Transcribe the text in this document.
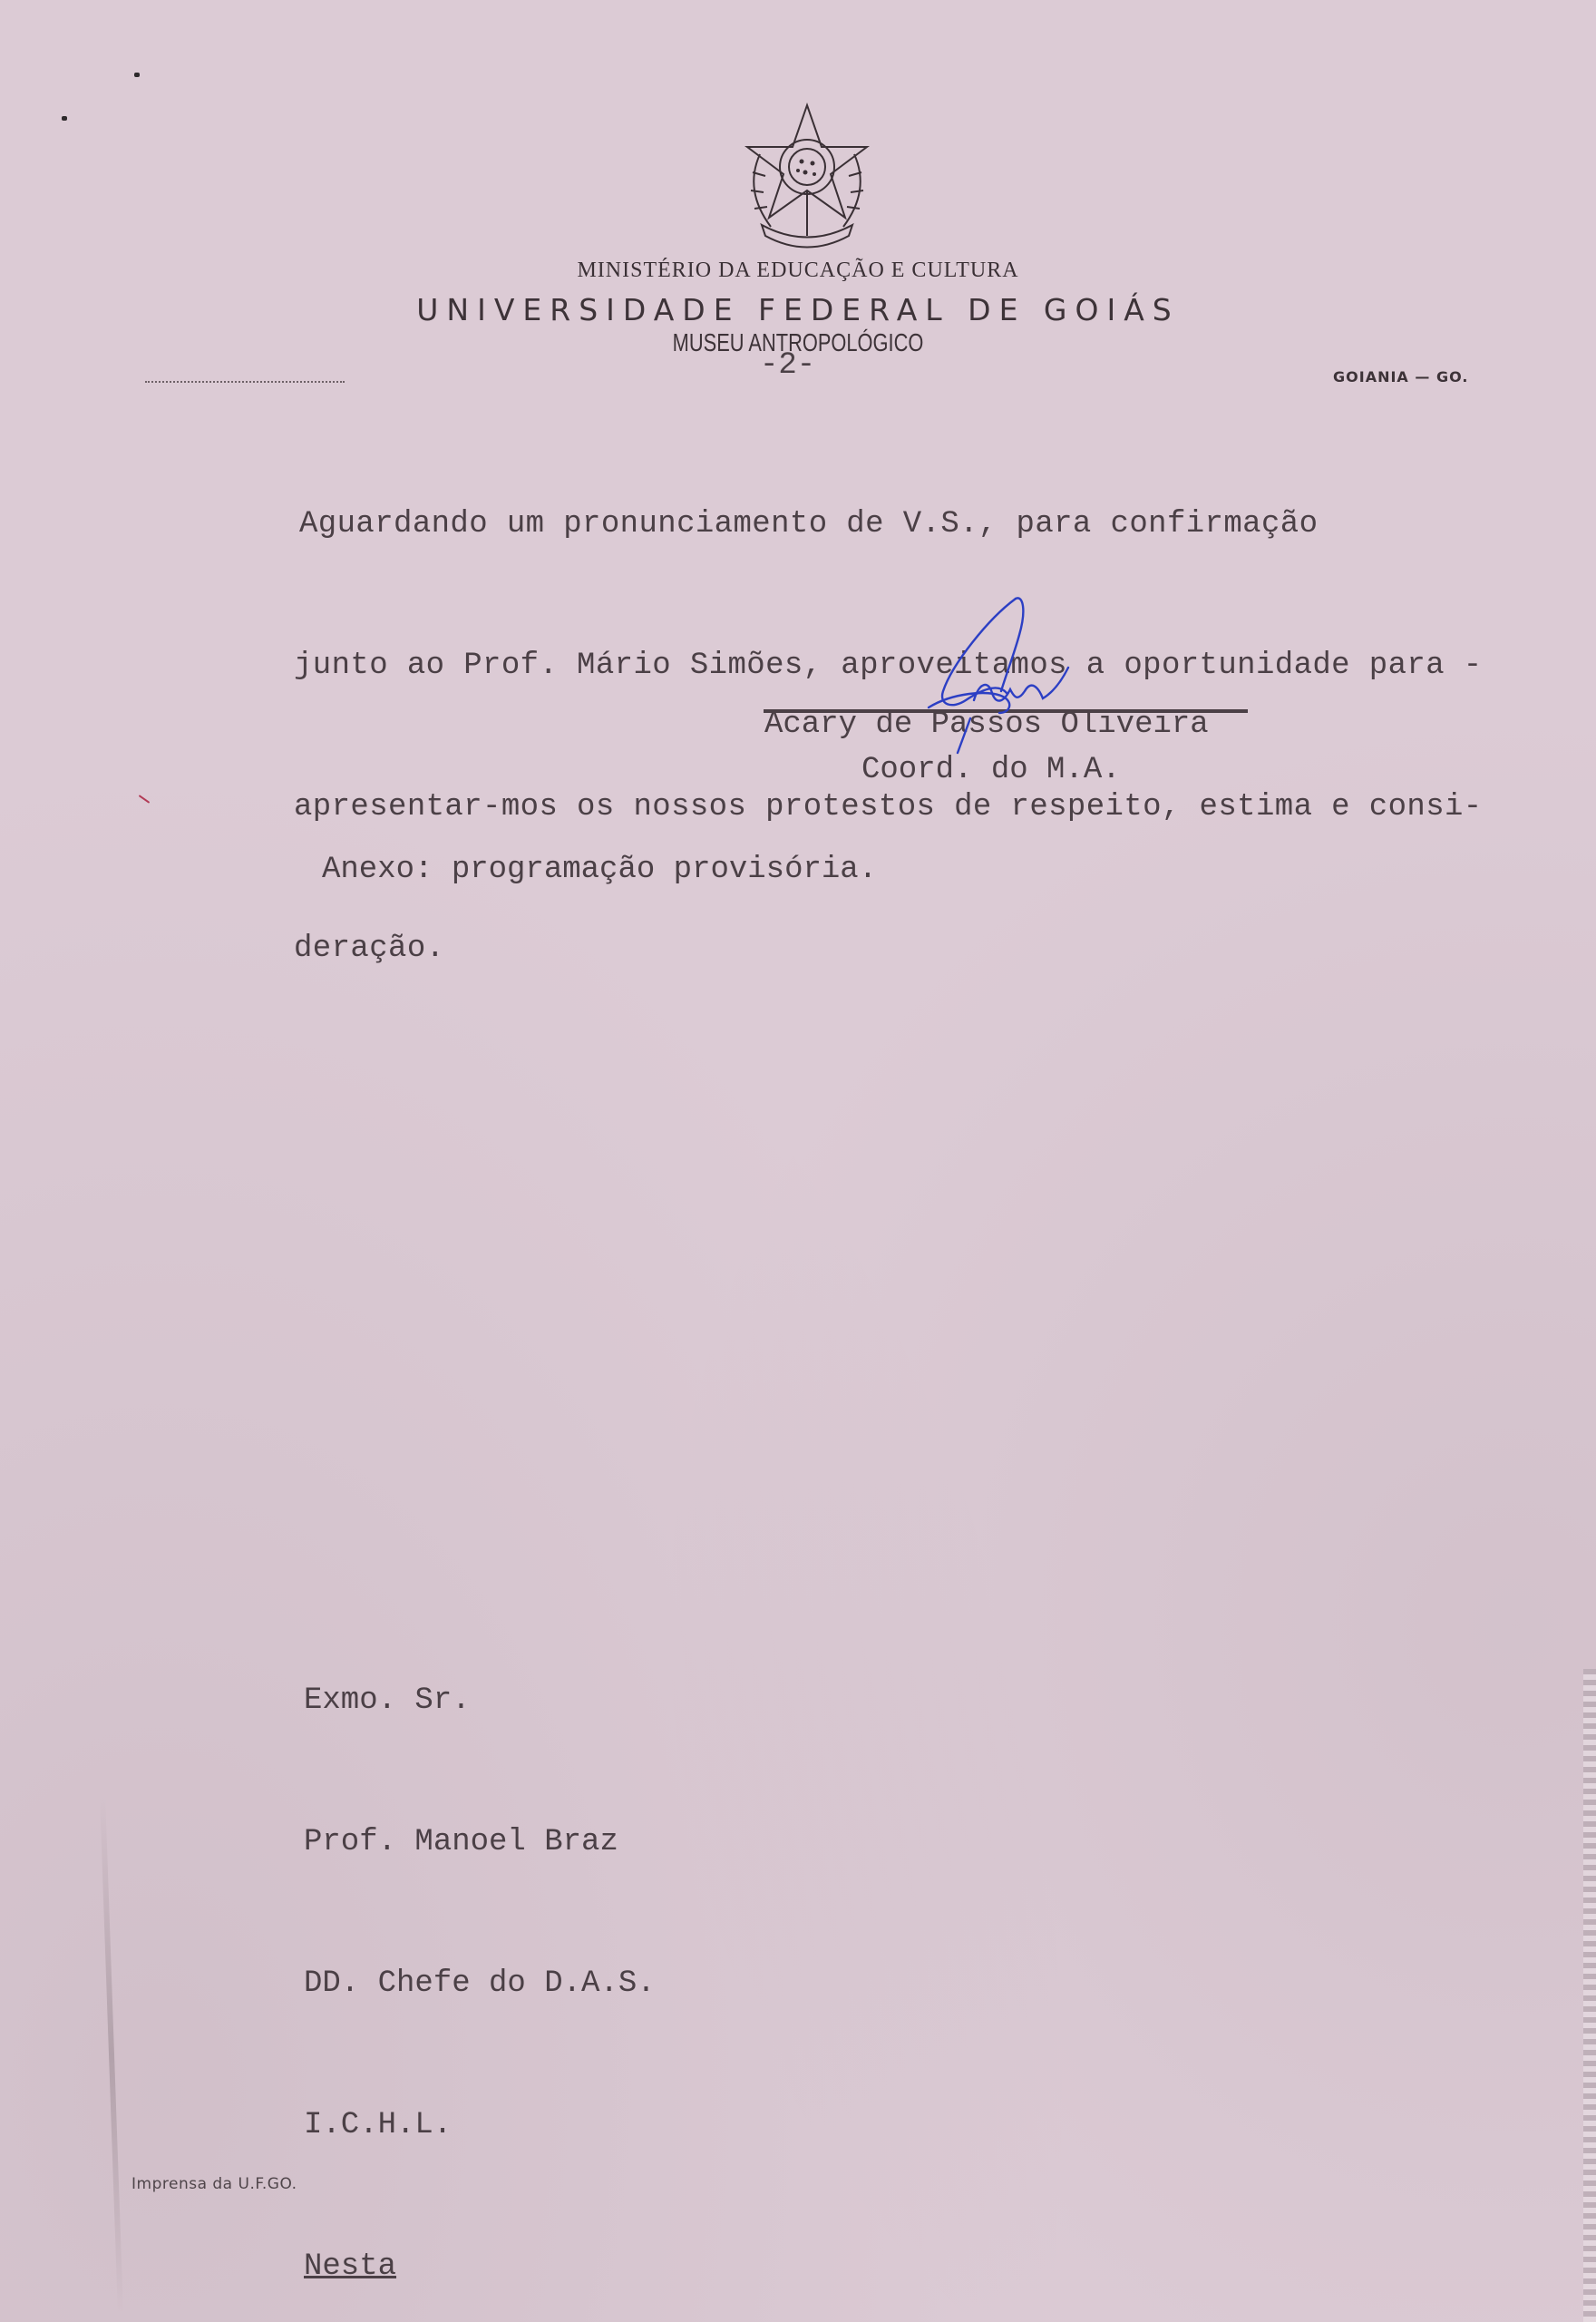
MINISTÉRIO DA EDUCAÇÃO E CULTURA
UNIVERSIDADE FEDERAL DE GOIÁS
MUSEU ANTROPOLÓGICO
-2-	GOIANIA — GO.

Aguardando um pronunciamento de V.S., para confirmação

junto ao Prof. Mário Simões, aproveitamos a oportunidade para -

apresentar-mos os nossos protestos de respeito, estima e consi-

deração.

Acary de Passos Oliveira
Coord. do M.A.
Anexo: programação provisória.

Exmo. Sr.

Prof. Manoel Braz

DD. Chefe do D.A.S.

I.C.H.L.

Nesta

Imprensa da U.F.GO.
